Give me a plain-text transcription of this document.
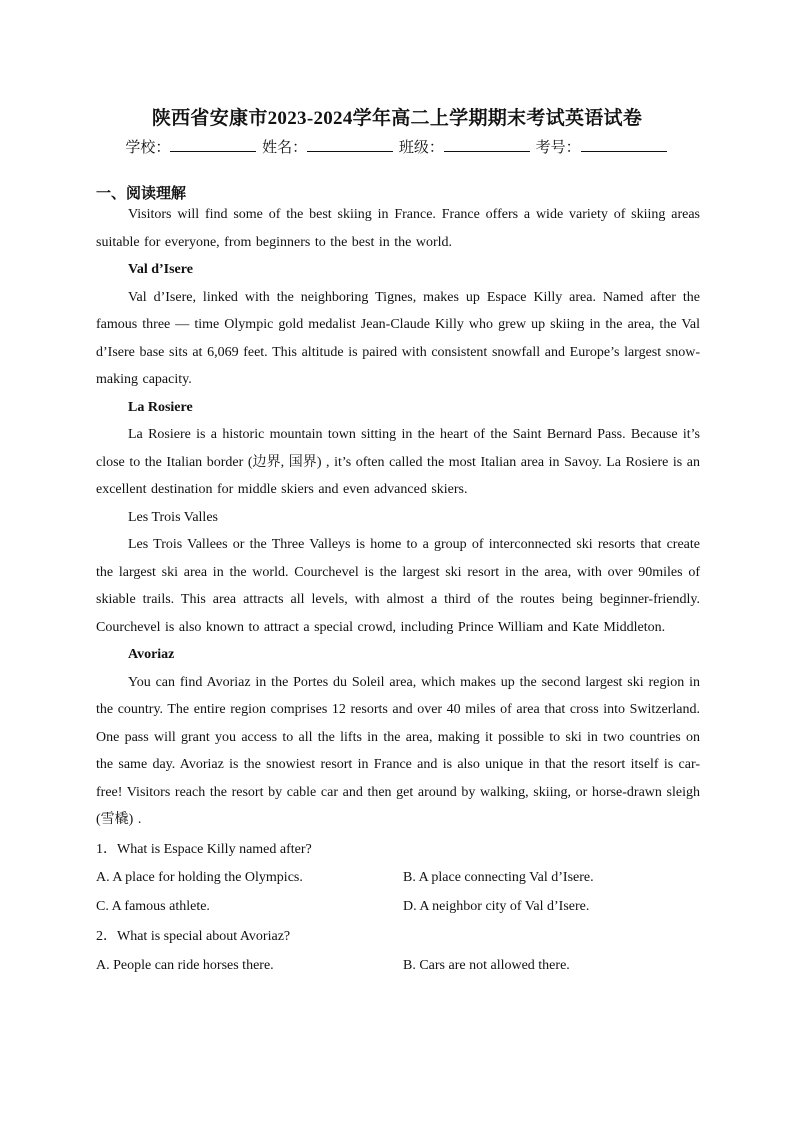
陕西省安康市2023-2024学年高二上学期期末考试英语试卷
学校：	姓名：	班级：	考号：
一、阅读理解

Visitors will find some of the best skiing in France. France offers a wide variety of skiing areas suitable for everyone, from beginners to the best in the world.

Val d’Isere

Val d’Isere, linked with the neighboring Tignes, makes up Espace Killy area. Named after the famous three — time Olympic gold medalist Jean-Claude Killy who grew up skiing in the area, the Val d’Isere base sits at 6,069 feet. This altitude is paired with consistent snowfall and Europe’s largest snow-making capacity.

La Rosiere

La Rosiere is a historic mountain town sitting in the heart of the Saint Bernard Pass. Because it’s close to the Italian border (边界, 国界) , it’s often called the most Italian area in Savoy. La Rosiere is an excellent destination for middle skiers and even advanced skiers.

Les Trois Valles

Les Trois Vallees or the Three Valleys is home to a group of interconnected ski resorts that create the largest ski area in the world. Courchevel is the largest ski resort in the area, with over 90miles of skiable trails. This area attracts all levels, with almost a third of the routes being beginner-friendly. Courchevel is also known to attract a special crowd, including Prince William and Kate Middleton.

Avoriaz

You can find Avoriaz in the Portes du Soleil area, which makes up the second largest ski region in the country. The entire region comprises 12 resorts and over 40 miles of area that cross into Switzerland. One pass will grant you access to all the lifts in the area, making it possible to ski in two countries on the same day. Avoriaz is the snowiest resort in France and is also unique in that the resort itself is car-free! Visitors reach the resort by cable car and then get around by walking, skiing, or horse-drawn sleigh (雪橇) .

1．What is Espace Killy named after?

A. A place for holding the Olympics.	B. A place connecting Val d’Isere.
C. A famous athlete.	D. A neighbor city of Val d’Isere.

2．What is special about Avoriaz?

A. People can ride horses there.	B. Cars are not allowed there.
